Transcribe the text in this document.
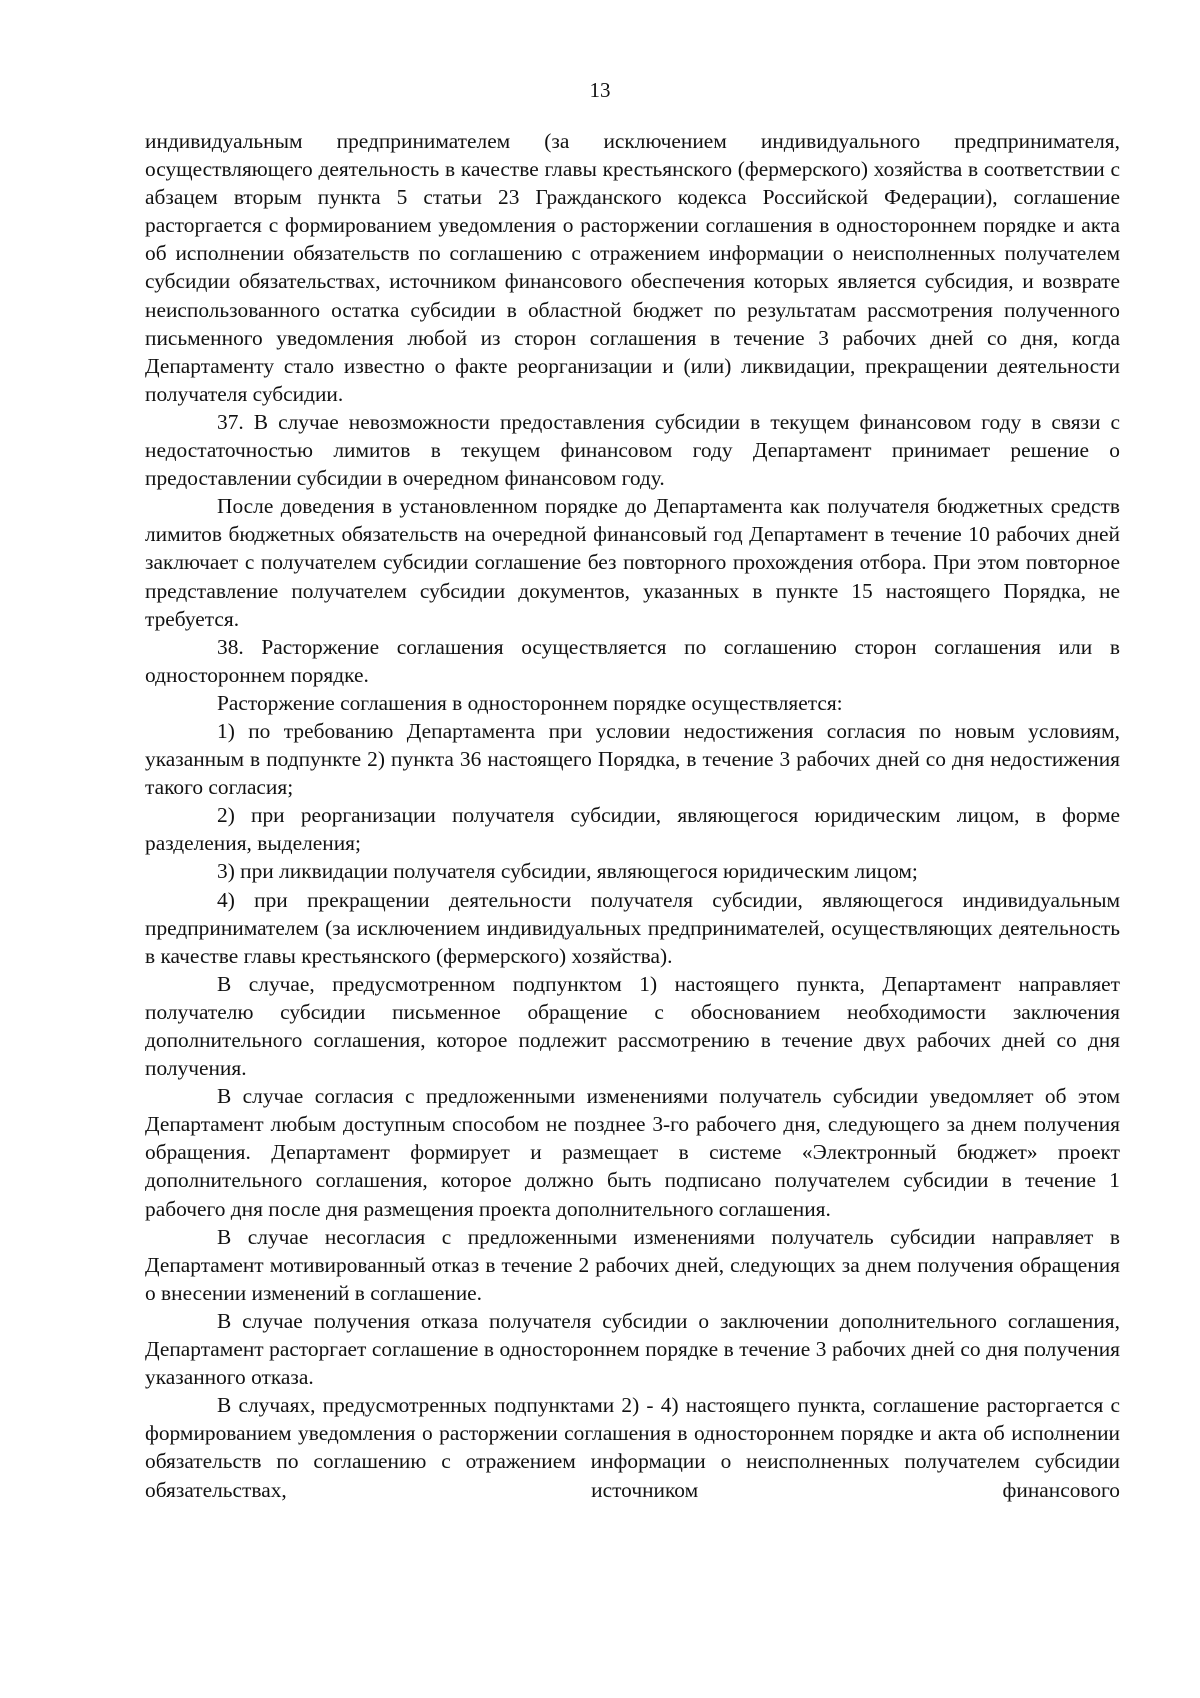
13

индивидуальным предпринимателем (за исключением индивидуального предпринимателя, осуществляющего деятельность в качестве главы крестьянского (фермерского) хозяйства в соответствии с абзацем вторым пункта 5 статьи 23 Гражданского кодекса Российской Федерации), соглашение расторгается с формированием уведомления о расторжении соглашения в одностороннем порядке и акта об исполнении обязательств по соглашению с отражением информации о неисполненных получателем субсидии обязательствах, источником финансового обеспечения которых является субсидия, и возврате неиспользованного остатка субсидии в областной бюджет по результатам рассмотрения полученного письменного уведомления любой из сторон соглашения в течение 3 рабочих дней со дня, когда Департаменту стало известно о факте реорганизации и (или) ликвидации, прекращении деятельности получателя субсидии.

37. В случае невозможности предоставления субсидии в текущем финансовом году в связи с недостаточностью лимитов в текущем финансовом году Департамент принимает решение о предоставлении субсидии в очередном финансовом году.

После доведения в установленном порядке до Департамента как получателя бюджетных средств лимитов бюджетных обязательств на очередной финансовый год Департамент в течение 10 рабочих дней заключает с получателем субсидии соглашение без повторного прохождения отбора. При этом повторное представление получателем субсидии документов, указанных в пункте 15 настоящего Порядка, не требуется.

38. Расторжение соглашения осуществляется по соглашению сторон соглашения или в одностороннем порядке.

Расторжение соглашения в одностороннем порядке осуществляется:

1) по требованию Департамента при условии недостижения согласия по новым условиям, указанным в подпункте 2) пункта 36 настоящего Порядка, в течение 3 рабочих дней со дня недостижения такого согласия;

2) при реорганизации получателя субсидии, являющегося юридическим лицом, в форме разделения, выделения;

3) при ликвидации получателя субсидии, являющегося юридическим лицом;

4) при прекращении деятельности получателя субсидии, являющегося индивидуальным предпринимателем (за исключением индивидуальных предпринимателей, осуществляющих деятельность в качестве главы крестьянского (фермерского) хозяйства).

В случае, предусмотренном подпунктом 1) настоящего пункта, Департамент направляет получателю субсидии письменное обращение с обоснованием необходимости заключения дополнительного соглашения, которое подлежит рассмотрению в течение двух рабочих дней со дня получения.

В случае согласия с предложенными изменениями получатель субсидии уведомляет об этом Департамент любым доступным способом не позднее 3-го рабочего дня, следующего за днем получения обращения. Департамент формирует и размещает в системе «Электронный бюджет» проект дополнительного соглашения, которое должно быть подписано получателем субсидии в течение 1 рабочего дня после дня размещения проекта дополнительного соглашения.

В случае несогласия с предложенными изменениями получатель субсидии направляет в Департамент мотивированный отказ в течение 2 рабочих дней, следующих за днем получения обращения о внесении изменений в соглашение.

В случае получения отказа получателя субсидии о заключении дополнительного соглашения, Департамент расторгает соглашение в одностороннем порядке в течение 3 рабочих дней со дня получения указанного отказа.

В случаях, предусмотренных подпунктами 2) - 4) настоящего пункта, соглашение расторгается с формированием уведомления о расторжении соглашения в одностороннем порядке и акта об исполнении обязательств по соглашению с отражением информации о неисполненных получателем субсидии обязательствах, источником финансового
